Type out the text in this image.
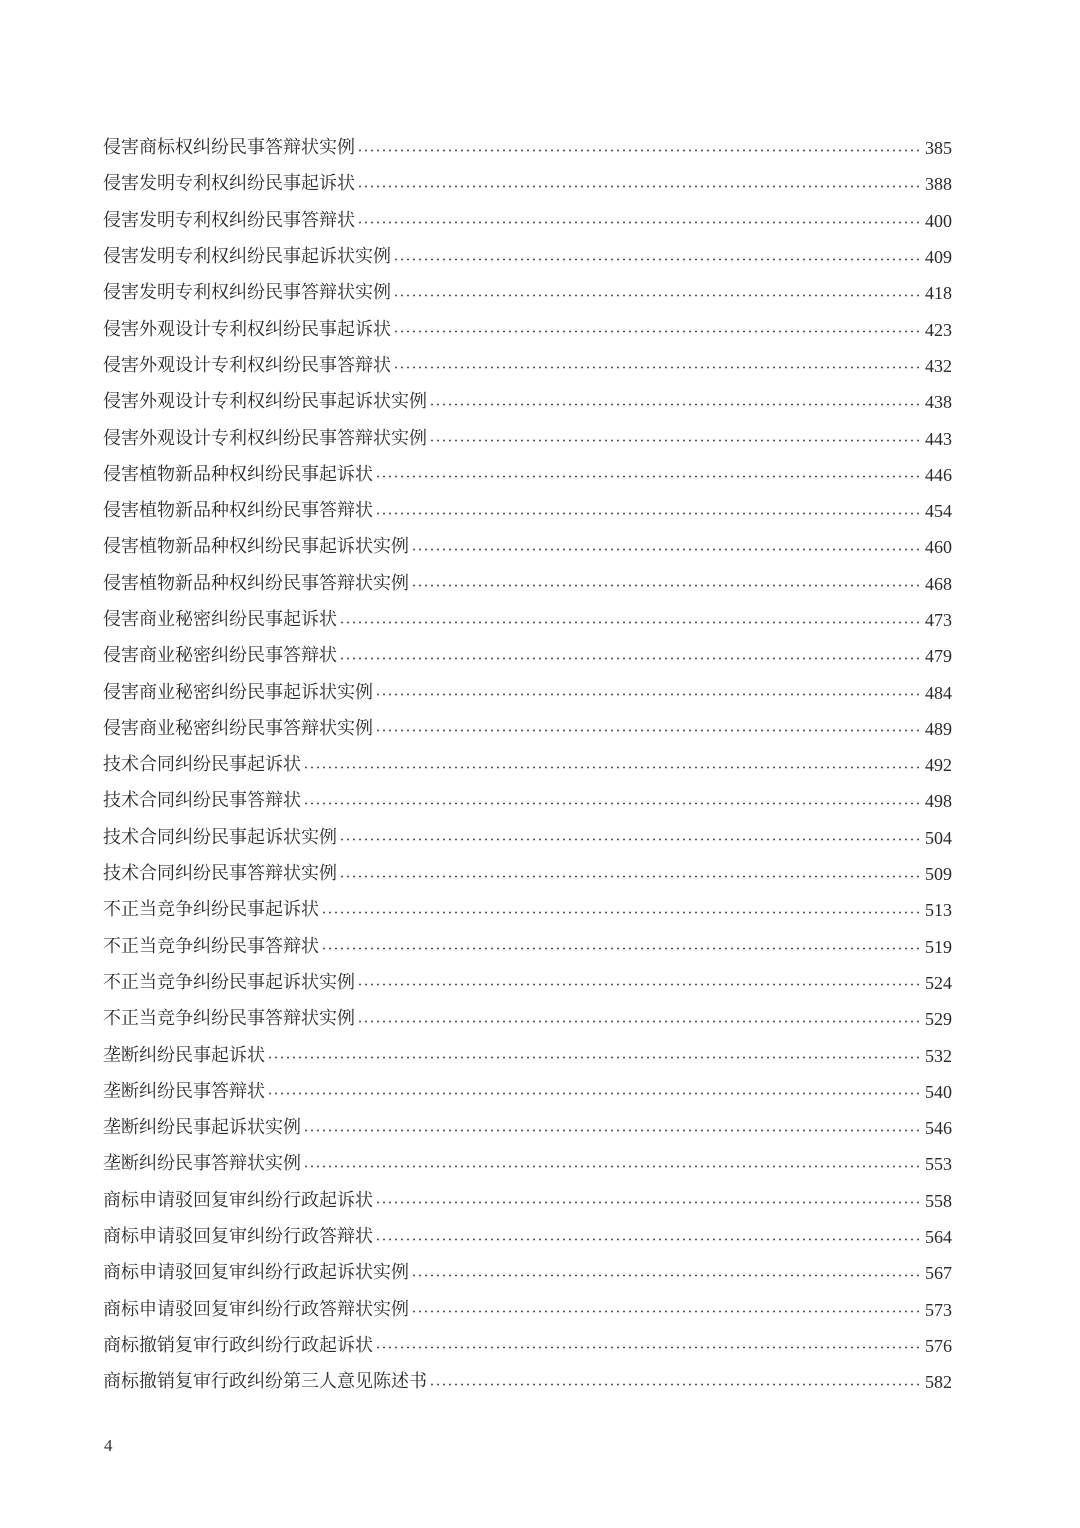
侵害商标权纠纷民事答辩状实例	385
侵害发明专利权纠纷民事起诉状	388
侵害发明专利权纠纷民事答辩状	400
侵害发明专利权纠纷民事起诉状实例	409
侵害发明专利权纠纷民事答辩状实例	418
侵害外观设计专利权纠纷民事起诉状	423
侵害外观设计专利权纠纷民事答辩状	432
侵害外观设计专利权纠纷民事起诉状实例	438
侵害外观设计专利权纠纷民事答辩状实例	443
侵害植物新品种权纠纷民事起诉状	446
侵害植物新品种权纠纷民事答辩状	454
侵害植物新品种权纠纷民事起诉状实例	460
侵害植物新品种权纠纷民事答辩状实例	468
侵害商业秘密纠纷民事起诉状	473
侵害商业秘密纠纷民事答辩状	479
侵害商业秘密纠纷民事起诉状实例	484
侵害商业秘密纠纷民事答辩状实例	489
技术合同纠纷民事起诉状	492
技术合同纠纷民事答辩状	498
技术合同纠纷民事起诉状实例	504
技术合同纠纷民事答辩状实例	509
不正当竞争纠纷民事起诉状	513
不正当竞争纠纷民事答辩状	519
不正当竞争纠纷民事起诉状实例	524
不正当竞争纠纷民事答辩状实例	529
垄断纠纷民事起诉状	532
垄断纠纷民事答辩状	540
垄断纠纷民事起诉状实例	546
垄断纠纷民事答辩状实例	553
商标申请驳回复审纠纷行政起诉状	558
商标申请驳回复审纠纷行政答辩状	564
商标申请驳回复审纠纷行政起诉状实例	567
商标申请驳回复审纠纷行政答辩状实例	573
商标撤销复审行政纠纷行政起诉状	576
商标撤销复审行政纠纷第三人意见陈述书	582
4
